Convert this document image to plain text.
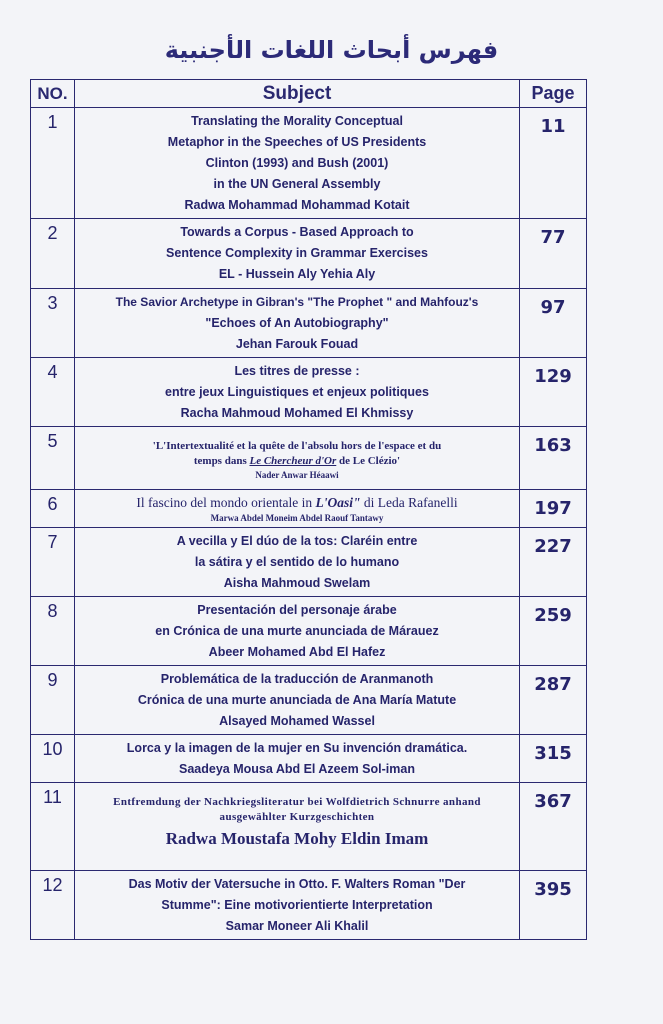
فهرس أبحاث اللغات الأجنبية
NO.	Subject	Page
1	Translating the Morality Conceptual
Metaphor in the Speeches of US Presidents
Clinton (1993) and Bush (2001)
in the UN General Assembly
Radwa Mohammad Mohammad Kotait	11
2	Towards a Corpus - Based Approach to
Sentence Complexity in Grammar Exercises
EL - Hussein Aly Yehia Aly	77
3	The Savior Archetype in Gibran's "The Prophet " and Mahfouz's
"Echoes of An Autobiography"
Jehan Farouk Fouad	97
4	Les titres de presse :
entre jeux Linguistiques et enjeux politiques
Racha Mahmoud Mohamed El Khmissy	129
5	'L'Intertextualité et la quête de l'absolu hors de l'espace et du
temps dans Le Chercheur d'Or de Le Clézio'
Nader Anwar Héaawi	163
6	Il fascino del mondo orientale in L'Oasi" di Leda Rafanelli
Marwa Abdel Moneim Abdel Raouf Tantawy	197
7	A vecilla y El dúo de la tos: Claréin entre
la sátira y el sentido de lo humano
Aisha Mahmoud Swelam	227
8	Presentación del personaje árabe
en Crónica de una murte anunciada de Márauez
Abeer Mohamed Abd El Hafez	259
9	Problemática de la traducción de Aranmanoth
Crónica de una murte anunciada de Ana María Matute
Alsayed Mohamed Wassel	287
10	Lorca y la imagen de la mujer en Su invención dramática.
Saadeya Mousa Abd El Azeem Sol-iman	315
11	Entfremdung der Nachkriegsliteratur bei Wolfdietrich Schnurre anhand
ausgewählter Kurzgeschichten
Radwa Moustafa Mohy Eldin Imam	367
12	Das Motiv der Vatersuche in Otto. F. Walters Roman "Der
Stumme": Eine motivorientierte Interpretation
Samar Moneer Ali Khalil	395
